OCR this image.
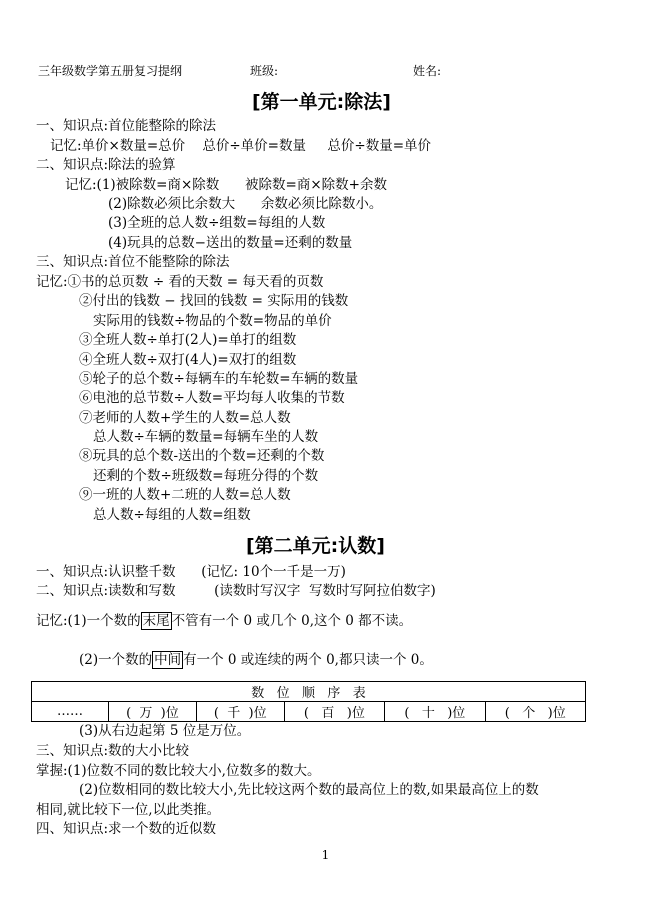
三年级数学第五册复习提纲	班级:	姓名:
[第一单元:除法]
一、知识点:首位能整除的除法
记忆:单价×数量=总价    总价÷单价=数量     总价÷数量=单价
二、知识点:除法的验算
记忆:(1)被除数=商×除数      被除数=商×除数+余数
(2)除数必须比余数大      余数必须比除数小。
(3)全班的总人数÷组数=每组的人数
(4)玩具的总数−送出的数量=还剩的数量
三、知识点:首位不能整除的除法
记忆:①书的总页数 ÷ 看的天数 = 每天看的页数
②付出的钱数 − 找回的钱数 = 实际用的钱数
实际用的钱数÷物品的个数=物品的单价
③全班人数÷单打(2人)=单打的组数
④全班人数÷双打(4人)=双打的组数
⑤轮子的总个数÷每辆车的车轮数=车辆的数量
⑥电池的总节数÷人数=平均每人收集的节数
⑦老师的人数+学生的人数=总人数
总人数÷车辆的数量=每辆车坐的人数
⑧玩具的总个数-送出的个数=还剩的个数
还剩的个数÷班级数=每班分得的个数
⑨一班的人数+二班的人数=总人数
总人数÷每组的人数=组数
[第二单元:认数]
一、知识点:认识整千数      (记忆: 10个一千是一万)
二、知识点:读数和写数         (读数时写汉字  写数时写阿拉伯数字)
记忆:(1)一个数的 末尾 不管有一个 0 或几个 0,这个 0 都不读。
(2)一个数的 中间 有一个 0 或连续的两个 0,都只读一个 0。
数   位   顺   序   表
……	(  万  )位	(  千  )位	(   百   )位	(   十   )位	(   个   )位
(3)从右边起第 5 位是万位。
三、知识点:数的大小比较
掌握:(1)位数不同的数比较大小,位数多的数大。
(2)位数相同的数比较大小,先比较这两个数的最高位上的数,如果最高位上的数
相同,就比较下一位,以此类推。
四、知识点:求一个数的近似数
1
